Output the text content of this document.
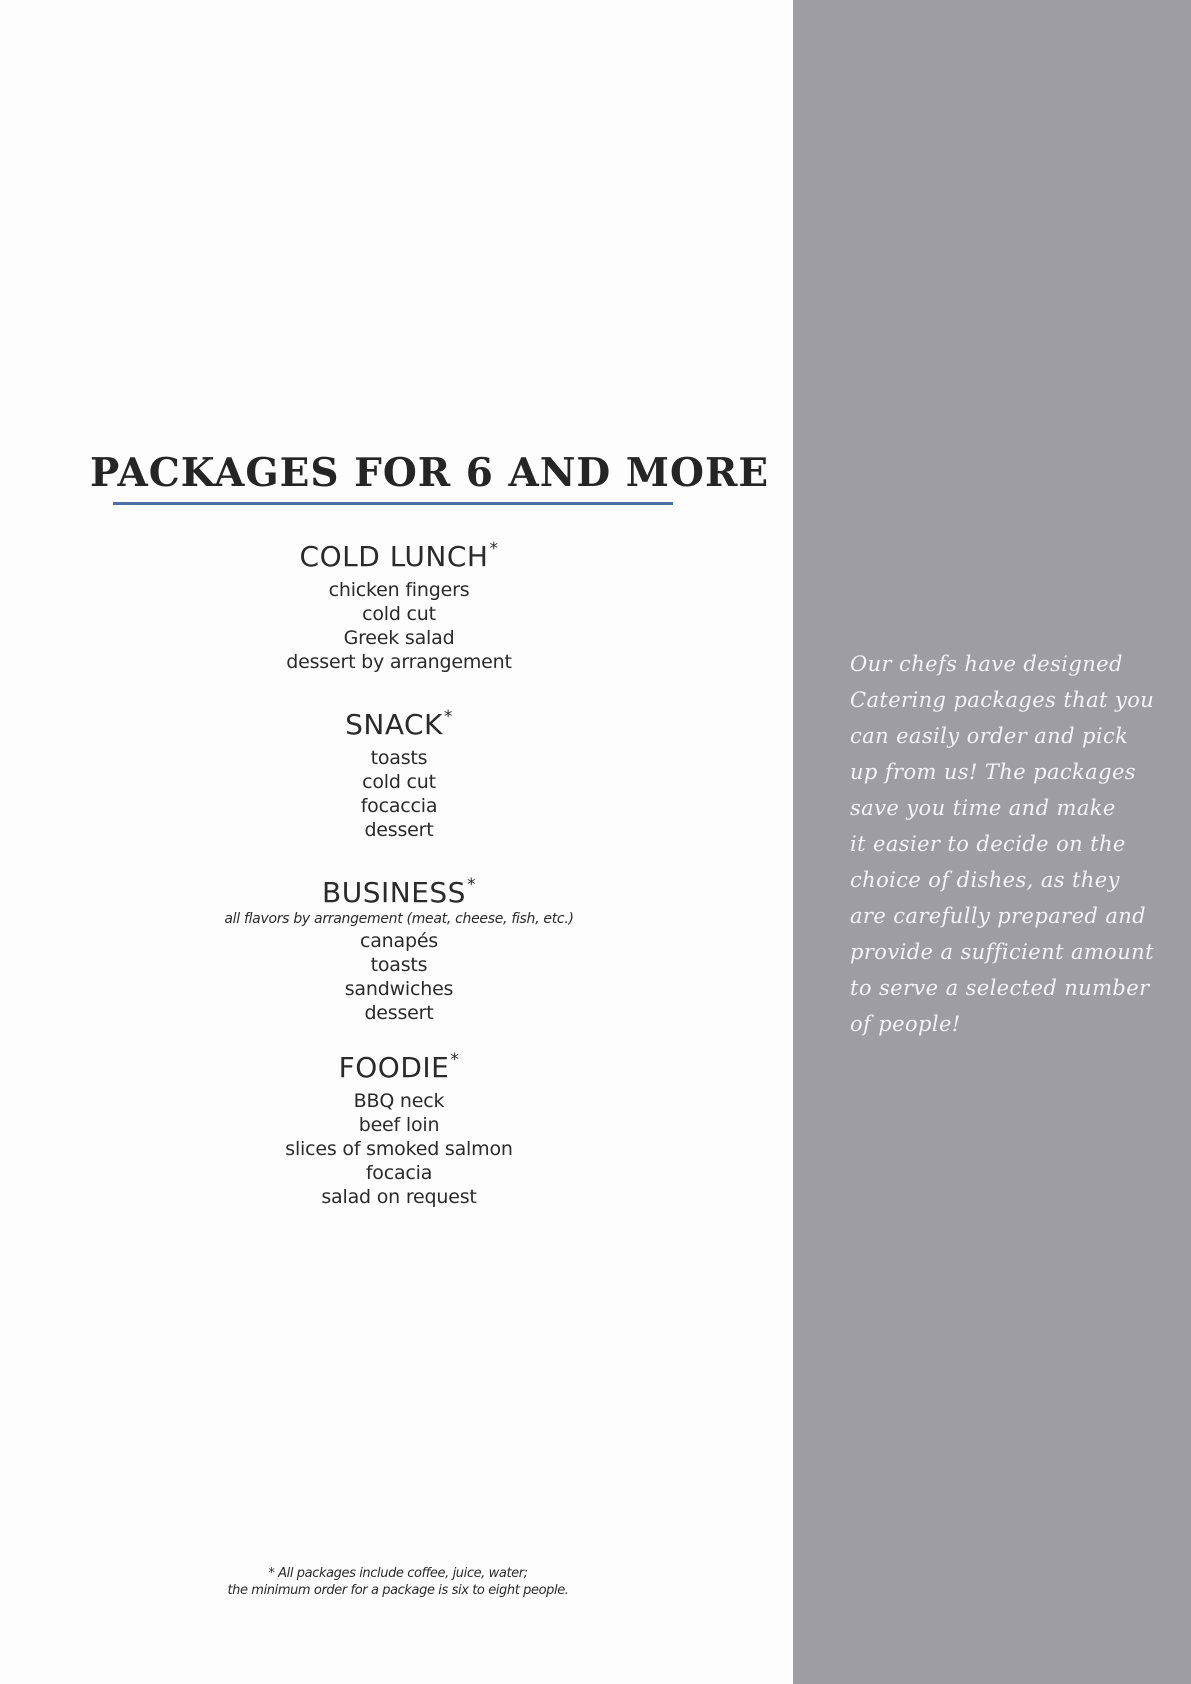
PACKAGES FOR 6 AND MORE
COLD LUNCH*
chicken fingers
cold cut
Greek salad
dessert by arrangement
SNACK*
toasts
cold cut
focaccia
dessert
BUSINESS*
all flavors by arrangement (meat, cheese, fish, etc.)
canapés
toasts
sandwiches
dessert
FOODIE*
BBQ neck
beef loin
slices of smoked salmon
focacia
salad on request
* All packages include coffee, juice, water;
the minimum order for a package is six to eight people.
Our chefs have designed
Catering packages that you
can easily order and pick
up from us! The packages
save you time and make
it easier to decide on the
choice of dishes, as they
are carefully prepared and
provide a sufficient amount
to serve a selected number
of people!
